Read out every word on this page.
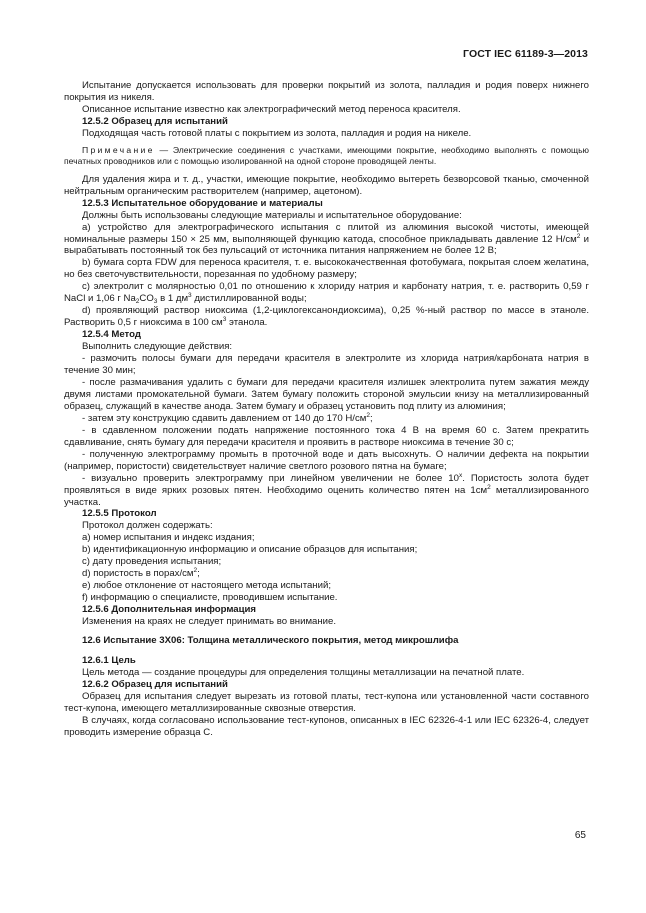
ГОСТ IEC 61189-3—2013

Испытание допускается использовать для проверки покрытий из золота, палладия и родия поверх нижнего покрытия из никеля.

Описанное испытание известно как электрографический метод переноса красителя.

12.5.2 Образец для испытаний

Подходящая часть готовой платы с покрытием из золота, палладия и родия на никеле.

Примечание — Электрические соединения с участками, имеющими покрытие, необходимо выполнять с помощью печатных проводников или с помощью изолированной на одной стороне проводящей ленты.

Для удаления жира и т. д., участки, имеющие покрытие, необходимо вытереть безворсовой тканью, смоченной нейтральным органическим растворителем (например, ацетоном).

12.5.3 Испытательное оборудование и материалы

Должны быть использованы следующие материалы и испытательное оборудование:

а) устройство для электрографического испытания с плитой из алюминия высокой чистоты, имеющей номинальные размеры 150 × 25 мм, выполняющей функцию катода, способное прикладывать давление 12 $Н/см^2$ и вырабатывать постоянный ток без пульсаций от источника питания напряжением не более 12 В;

b) бумага сорта FDW для переноса красителя, т. е. высококачественная фотобумага, покрытая слоем желатина, но без светочувствительности, порезанная по удобному размеру;

с) электролит с молярностью 0,01 по отношению к хлориду натрия и карбонату натрия, т. е. растворить 0,59 г NaCl и 1,06 г $Na_2CO_3$ в 1 $дм^3$ дистиллированной воды;

d) проявляющий раствор ниоксима (1,2-циклогексанондиоксима), 0,25 %-ный раствор по массе в этаноле. Растворить 0,5 г ниоксима в 100 $см^3$ этанола.

12.5.4 Метод

Выполнить следующие действия:

- размочить полосы бумаги для передачи красителя в электролите из хлорида натрия/карбоната натрия в течение 30 мин;

- после размачивания удалить с бумаги для передачи красителя излишек электролита путем зажатия между двумя листами промокательной бумаги. Затем бумагу положить стороной эмульсии книзу на металлизированный образец, служащий в качестве анода. Затем бумагу и образец установить под плиту из алюминия;

- затем эту конструкцию сдавить давлением от 140 до 170 $Н/см^2$;

- в сдавленном положении подать напряжение постоянного тока 4 В на время 60 с. Затем прекратить сдавливание, снять бумагу для передачи красителя и проявить в растворе ниоксима в течение 30 с;

- полученную электрограмму промыть в проточной воде и дать высохнуть. О наличии дефекта на покрытии (например, пористости) свидетельствует наличие светлого розового пятна на бумаге;

- визуально проверить электрограмму при линейном увеличении не более $10^х$. Пористость золота будет проявляться в виде ярких розовых пятен. Необходимо оценить количество пятен на $1см^2$ металлизированного участка.

12.5.5 Протокол

Протокол должен содержать:

а) номер испытания и индекс издания;

b) идентификационную информацию и описание образцов для испытания;

с) дату проведения испытания;

d) пористость в порах/$см^2$;

е) любое отклонение от настоящего метода испытаний;

f) информацию о специалисте, проводившем испытание.

12.5.6 Дополнительная информация

Изменения на краях не следует принимать во внимание.

12.6 Испытание 3Х06: Толщина металлического покрытия, метод микрошлифа

12.6.1 Цель

Цель метода — создание процедуры для определения толщины металлизации на печатной плате.

12.6.2 Образец для испытаний

Образец для испытания следует вырезать из готовой платы, тест-купона или установленной части составного тест-купона, имеющего металлизированные сквозные отверстия.

В случаях, когда согласовано использование тест-купонов, описанных в IEC 62326-4-1 или IEC 62326-4, следует проводить измерение образца С.

65
